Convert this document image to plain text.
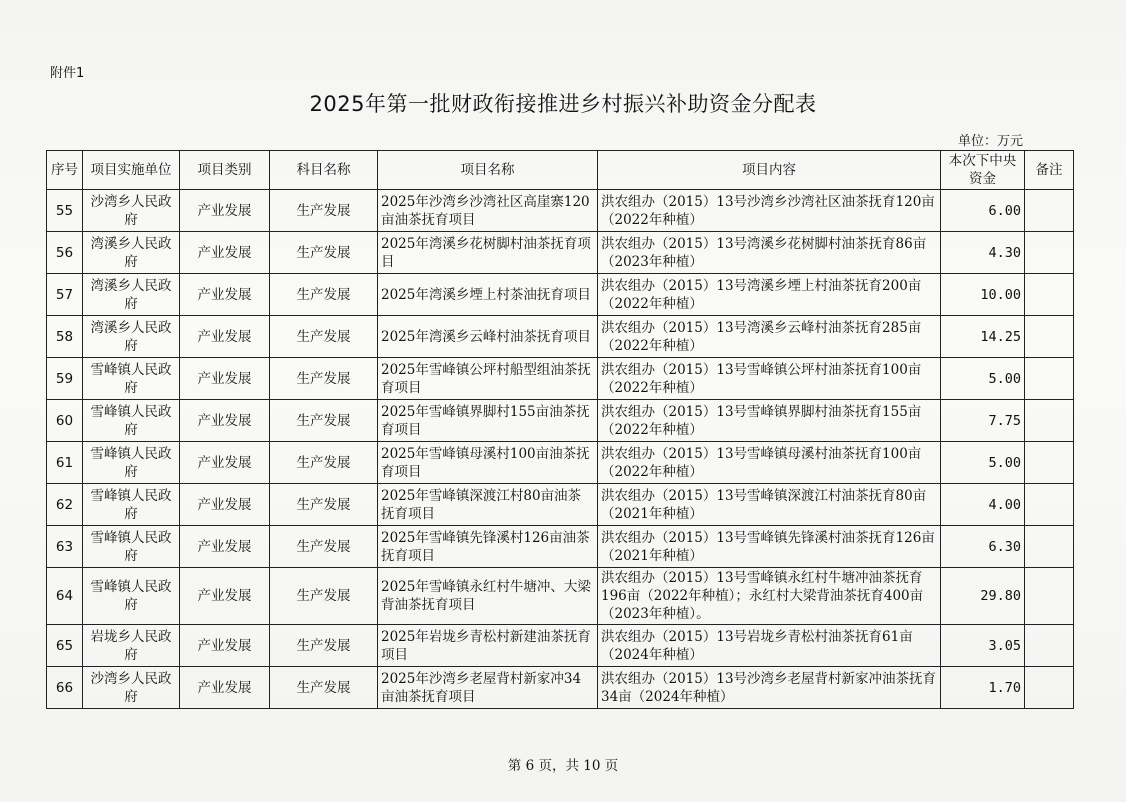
附件1
2025年第一批财政衔接推进乡村振兴补助资金分配表
单位：万元
序号	项目实施单位	项目类别	科目名称	项目名称	项目内容	本次下中央资金	备注
55	沙湾乡人民政府	产业发展	生产发展	2025年沙湾乡沙湾社区高崖寨120亩油茶抚育项目	洪农组办（2015）13号沙湾乡沙湾社区油茶抚育120亩（2022年种植）	6.00	
56	湾溪乡人民政府	产业发展	生产发展	2025年湾溪乡花树脚村油茶抚育项目	洪农组办（2015）13号湾溪乡花树脚村油茶抚育86亩（2023年种植）	4.30	
57	湾溪乡人民政府	产业发展	生产发展	2025年湾溪乡堙上村茶油抚育项目	洪农组办（2015）13号湾溪乡堙上村油茶抚育200亩（2022年种植）	10.00	
58	湾溪乡人民政府	产业发展	生产发展	2025年湾溪乡云峰村油茶抚育项目	洪农组办（2015）13号湾溪乡云峰村油茶抚育285亩（2022年种植）	14.25	
59	雪峰镇人民政府	产业发展	生产发展	2025年雪峰镇公坪村船型组油茶抚育项目	洪农组办（2015）13号雪峰镇公坪村油茶抚育100亩（2022年种植）	5.00	
60	雪峰镇人民政府	产业发展	生产发展	2025年雪峰镇界脚村155亩油茶抚育项目	洪农组办（2015）13号雪峰镇界脚村油茶抚育155亩（2022年种植）	7.75	
61	雪峰镇人民政府	产业发展	生产发展	2025年雪峰镇母溪村100亩油茶抚育项目	洪农组办（2015）13号雪峰镇母溪村油茶抚育100亩（2022年种植）	5.00	
62	雪峰镇人民政府	产业发展	生产发展	2025年雪峰镇深渡江村80亩油茶抚育项目	洪农组办（2015）13号雪峰镇深渡江村油茶抚育80亩（2021年种植）	4.00	
63	雪峰镇人民政府	产业发展	生产发展	2025年雪峰镇先锋溪村126亩油茶抚育项目	洪农组办（2015）13号雪峰镇先锋溪村油茶抚育126亩（2021年种植）	6.30	
64	雪峰镇人民政府	产业发展	生产发展	2025年雪峰镇永红村牛塘冲、大梁背油茶抚育项目	洪农组办（2015）13号雪峰镇永红村牛塘冲油茶抚育196亩（2022年种植）；永红村大梁背油茶抚育400亩（2023年种植）。	29.80	
65	岩垅乡人民政府	产业发展	生产发展	2025年岩垅乡青松村新建油茶抚育项目	洪农组办（2015）13号岩垅乡青松村油茶抚育61亩（2024年种植）	3.05	
66	沙湾乡人民政府	产业发展	生产发展	2025年沙湾乡老屋背村新家冲34亩油茶抚育项目	洪农组办（2015）13号沙湾乡老屋背村新家冲油茶抚育34亩（2024年种植）	1.70	
第 6 页，共 10 页
